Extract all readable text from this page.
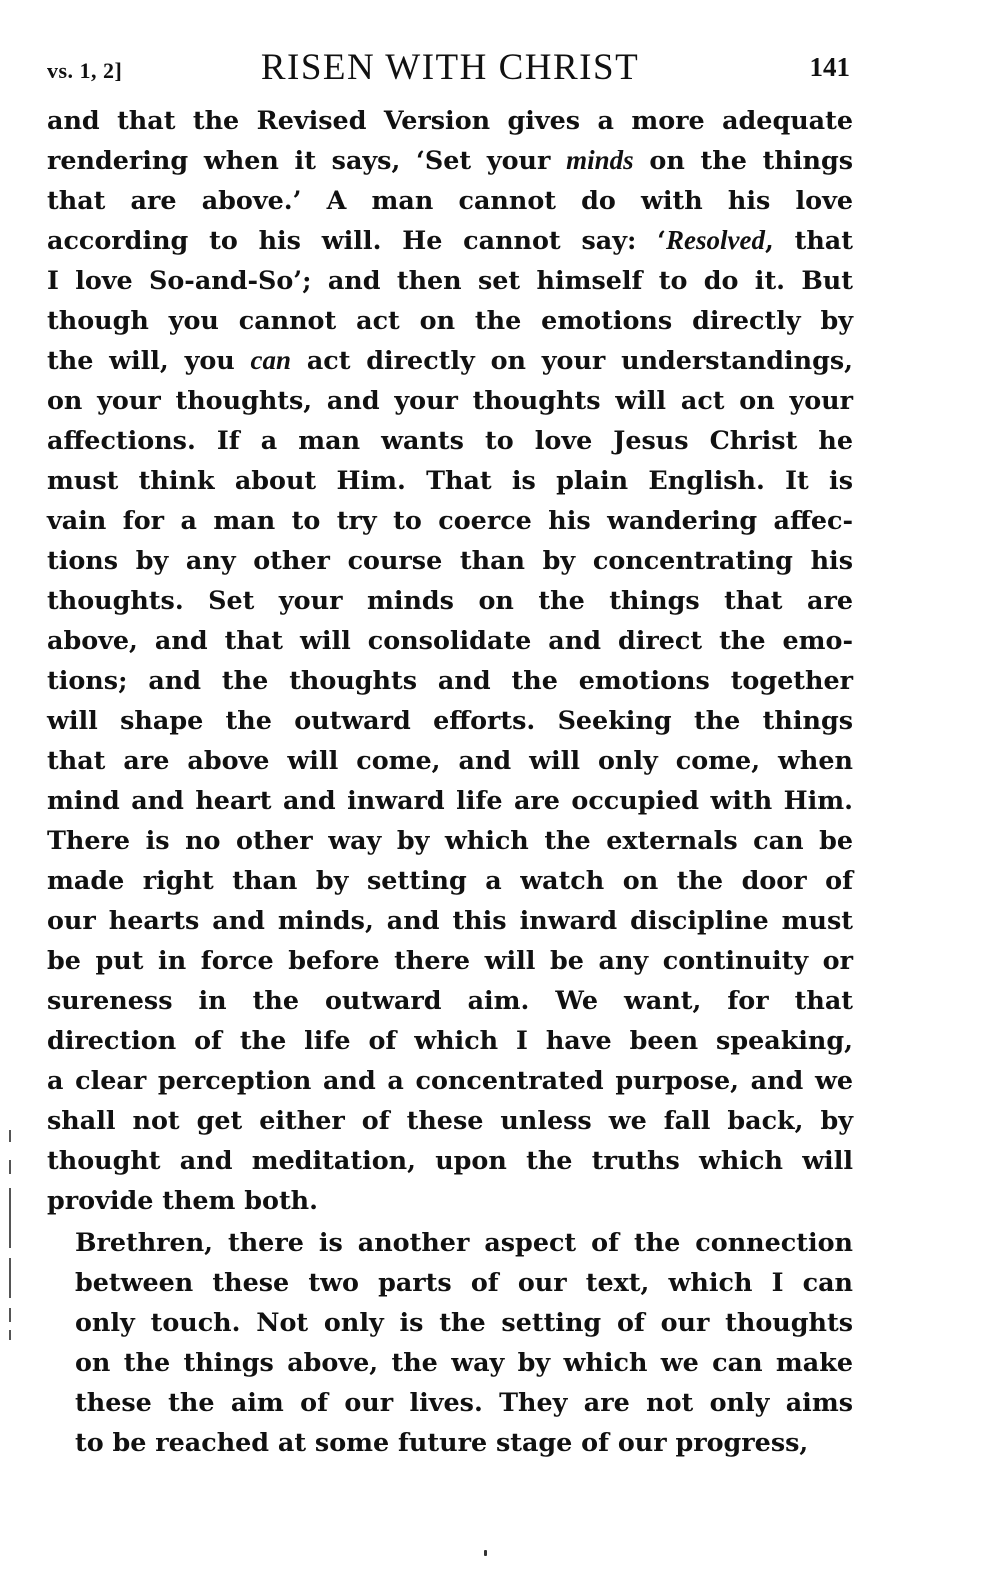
vs. 1, 2]	RISEN WITH CHRIST	141

and that the Revised Version gives a more adequate
rendering when it says, ‘Set your minds on the things
that are above.’ A man cannot do with his love
according to his will. He cannot say: ‘Resolved, that
I love So-and-So’; and then set himself to do it. But
though you cannot act on the emotions directly by
the will, you can act directly on your understandings,
on your thoughts, and your thoughts will act on your
affections. If a man wants to love Jesus Christ he
must think about Him. That is plain English. It is
vain for a man to try to coerce his wandering affec-
tions by any other course than by concentrating his
thoughts. Set your minds on the things that are
above, and that will consolidate and direct the emo-
tions; and the thoughts and the emotions together
will shape the outward efforts. Seeking the things
that are above will come, and will only come, when
mind and heart and inward life are occupied with Him.
There is no other way by which the externals can be
made right than by setting a watch on the door of
our hearts and minds, and this inward discipline must
be put in force before there will be any continuity or
sureness in the outward aim. We want, for that
direction of the life of which I have been speaking,
a clear perception and a concentrated purpose, and we
shall not get either of these unless we fall back, by
thought and meditation, upon the truths which will
provide them both.

Brethren, there is another aspect of the connection
between these two parts of our text, which I can
only touch. Not only is the setting of our thoughts
on the things above, the way by which we can make
these the aim of our lives. They are not only aims
to be reached at some future stage of our progress,
